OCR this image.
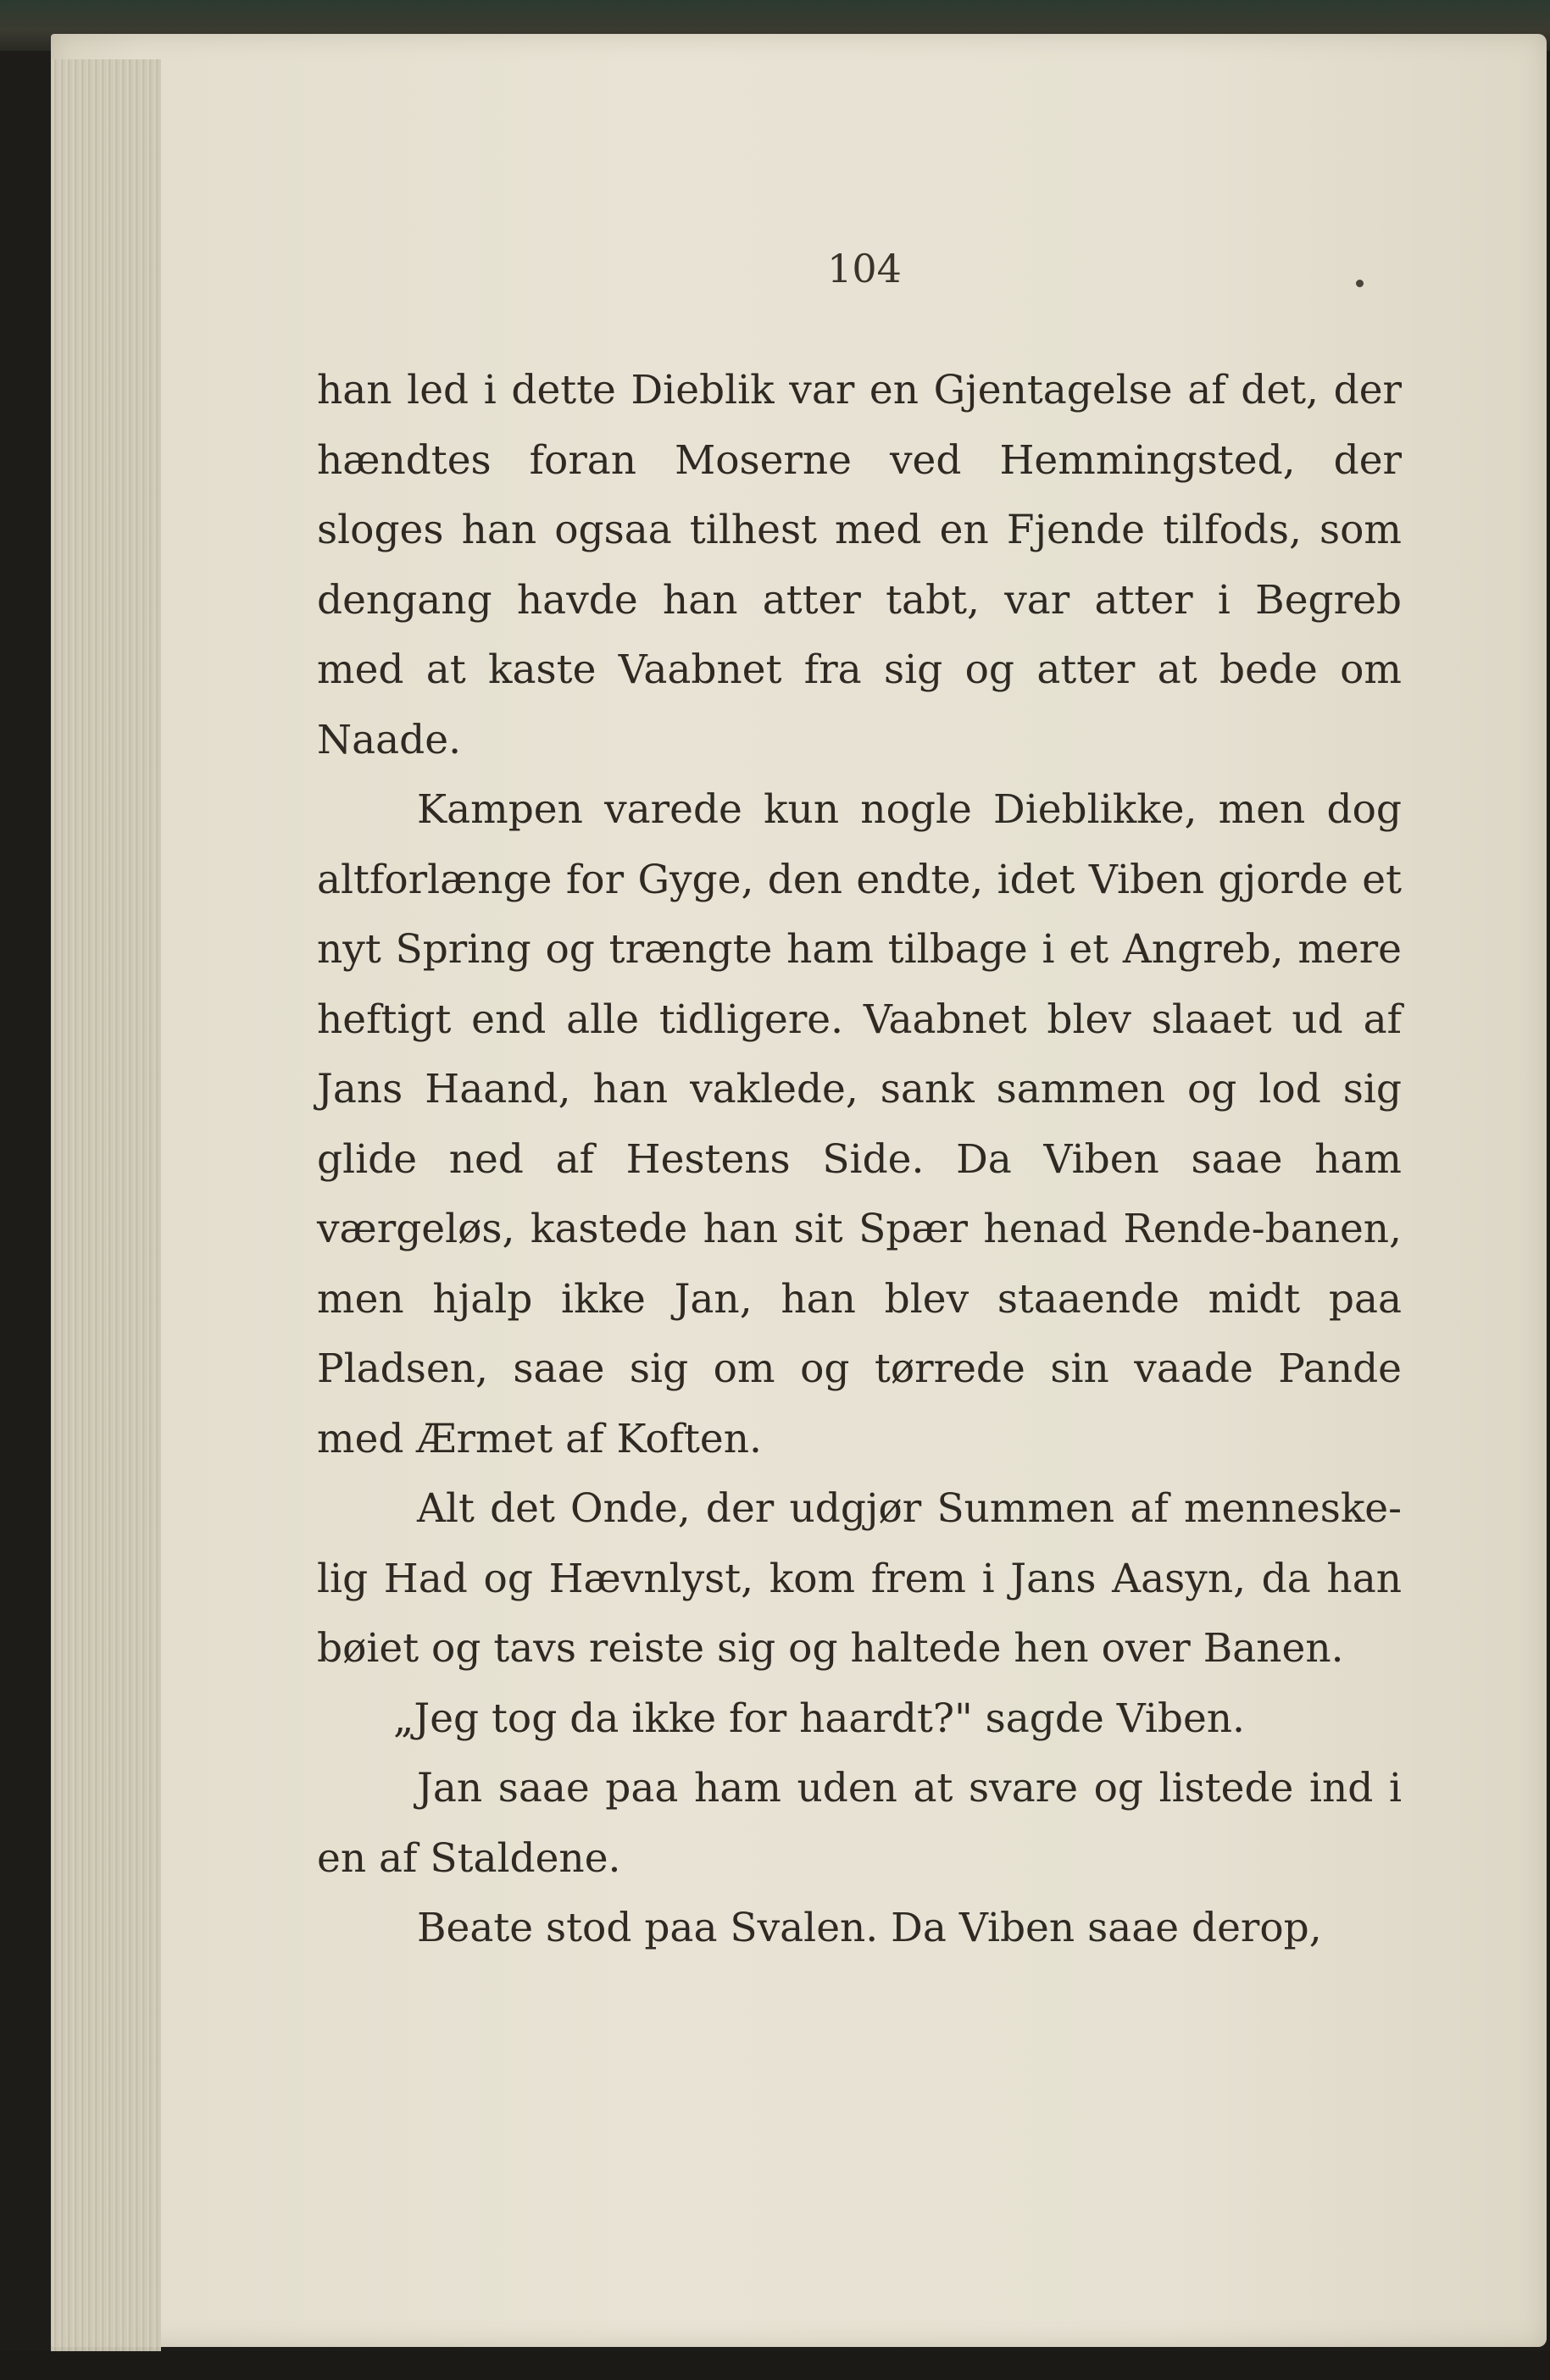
104

han led i dette Dieblik var en Gjentagelse af det, der hændtes foran Moserne ved Hemmingsted, der sloges han ogsaa tilhest med en Fjende tilfods, som dengang havde han atter tabt, var atter i Begreb med at kaste Vaabnet fra sig og atter at bede om Naade.

Kampen varede kun nogle Dieblikke, men dog altforlænge for Gyge, den endte, idet Viben gjorde et nyt Spring og trængte ham tilbage i et Angreb, mere heftigt end alle tidligere. Vaabnet blev slaaet ud af Jans Haand, han vaklede, sank sammen og lod sig glide ned af Hestens Side. Da Viben saae ham værgeløs, kastede han sit Spær henad Rende-banen, men hjalp ikke Jan, han blev staaende midt paa Pladsen, saae sig om og tørrede sin vaade Pande med Ærmet af Koften.

Alt det Onde, der udgjør Summen af menneske-lig Had og Hævnlyst, kom frem i Jans Aasyn, da han bøiet og tavs reiste sig og haltede hen over Banen.

„Jeg tog da ikke for haardt?" sagde Viben.

Jan saae paa ham uden at svare og listede ind i en af Staldene.

Beate stod paa Svalen. Da Viben saae derop,
